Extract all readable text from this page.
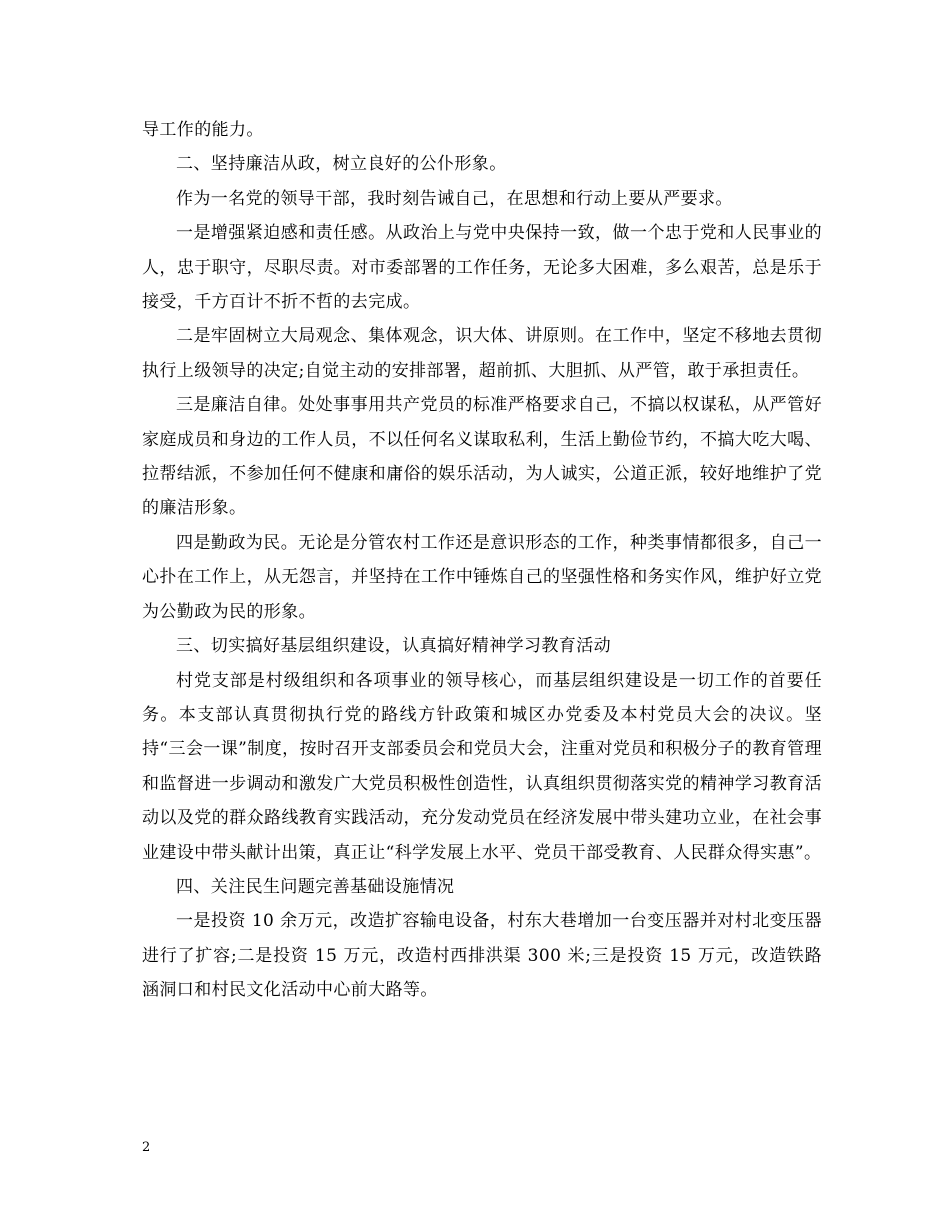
导工作的能力。

二、坚持廉洁从政，树立良好的公仆形象。

作为一名党的领导干部，我时刻告诫自己，在思想和行动上要从严要求。

一是增强紧迫感和责任感。从政治上与党中央保持一致，做一个忠于党和人民事业的人，忠于职守，尽职尽责。对市委部署的工作任务，无论多大困难，多么艰苦，总是乐于接受，千方百计不折不哲的去完成。

二是牢固树立大局观念、集体观念，识大体、讲原则。在工作中，坚定不移地去贯彻执行上级领导的决定;自觉主动的安排部署，超前抓、大胆抓、从严管，敢于承担责任。

三是廉洁自律。处处事事用共产党员的标准严格要求自己，不搞以权谋私，从严管好家庭成员和身边的工作人员，不以任何名义谋取私利，生活上勤俭节约，不搞大吃大喝、拉帮结派，不参加任何不健康和庸俗的娱乐活动，为人诚实，公道正派，较好地维护了党的廉洁形象。

四是勤政为民。无论是分管农村工作还是意识形态的工作，种类事情都很多，自己一心扑在工作上，从无怨言，并坚持在工作中锤炼自己的坚强性格和务实作风，维护好立党为公勤政为民的形象。

三、切实搞好基层组织建设，认真搞好精神学习教育活动

村党支部是村级组织和各项事业的领导核心，而基层组织建设是一切工作的首要任务。本支部认真贯彻执行党的路线方针政策和城区办党委及本村党员大会的决议。坚持“三会一课”制度，按时召开支部委员会和党员大会，注重对党员和积极分子的教育管理和监督进一步调动和激发广大党员积极性创造性，认真组织贯彻落实党的精神学习教育活动以及党的群众路线教育实践活动，充分发动党员在经济发展中带头建功立业，在社会事业建设中带头献计出策，真正让“科学发展上水平、党员干部受教育、人民群众得实惠”。

四、关注民生问题完善基础设施情况

一是投资 10 余万元，改造扩容输电设备，村东大巷增加一台变压器并对村北变压器进行了扩容;二是投资 15 万元，改造村西排洪渠 300 米;三是投资 15 万元，改造铁路涵洞口和村民文化活动中心前大路等。

2
